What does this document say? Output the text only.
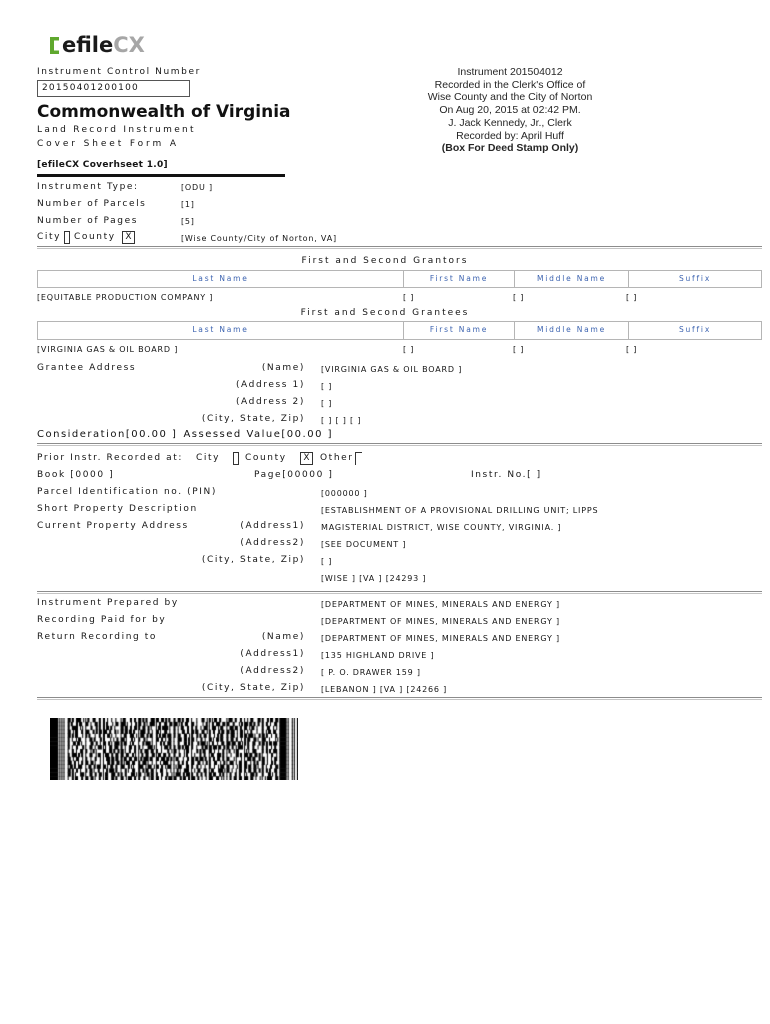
efile CX
Instrument Control Number
20150401200100
Commonwealth of Virginia
Land Record Instrument
Cover Sheet Form A
[efileCX Coverhseet 1.0]
Instrument 201504012
Recorded in the Clerk's Office of
Wise County and the City of Norton
On Aug 20, 2015 at 02:42 PM.
J. Jack Kennedy, Jr., Clerk
Recorded by: April Huff
(Box For Deed Stamp Only)
Instrument Type:	[ODU ]
Number of Parcels	[1]
Number of Pages	[5]
City County	X	[Wise County/City of Norton, VA]
First and Second Grantors
Last Name	First Name	Middle Name	Suffix
[EQUITABLE PRODUCTION COMPANY ]	[ ]	[ ]	[ ]
First and Second Grantees
Last Name	First Name	Middle Name	Suffix
[VIRGINIA GAS & OIL BOARD ]	[ ]	[ ]	[ ]
Grantee Address	(Name) [VIRGINIA GAS & OIL BOARD ]
(Address 1) [ ]
(Address 2) [ ]
(City, State, Zip) [ ] [ ] [ ]
Consideration[00.00 ] Assessed Value[00.00 ]
Prior Instr. Recorded at: City	County	X	Other
Book [0000 ]	Page[00000 ]	Instr. No.[ ]
Parcel Identification no. (PIN)	[000000 ]
Short Property Description	[ESTABLISHMENT OF A PROVISIONAL DRILLING UNIT; LIPPS
Current Property Address	(Address1) MAGISTERIAL DISTRICT, WISE COUNTY, VIRGINIA. ]
(Address2) [SEE DOCUMENT ]
(City, State, Zip) [ ]
[WISE ] [VA ] [24293 ]
Instrument Prepared by	[DEPARTMENT OF MINES, MINERALS AND ENERGY ]
Recording Paid for by	[DEPARTMENT OF MINES, MINERALS AND ENERGY ]
Return Recording to	(Name) [DEPARTMENT OF MINES, MINERALS AND ENERGY ]
(Address1) [135 HIGHLAND DRIVE ]
(Address2) [ P. O. DRAWER 159 ]
(City, State, Zip) [LEBANON ] [VA ] [24266 ]
